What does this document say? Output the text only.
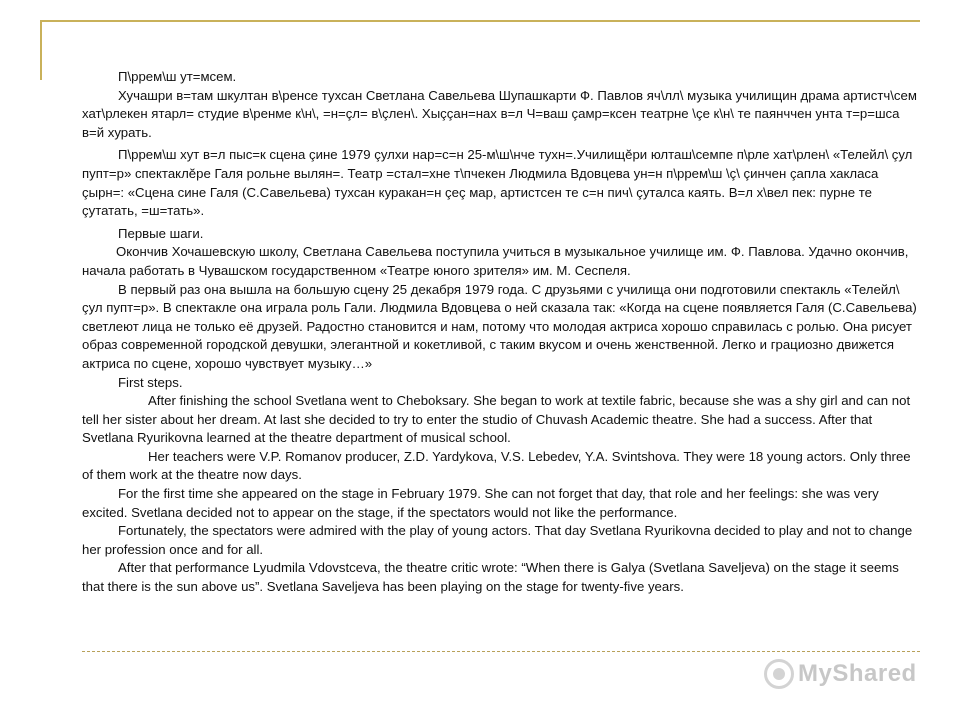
П\ррем\ш ут=мсем.

Хучашри в=там шкултан в\ренсе тухсан Светлана Савельева Шупашкарти Ф. Павлов яч\лл\ музыка училищин драма артистч\сем хат\рлекен ятарл= студие в\ренме к\н\, =н=çл= в\çлен\. Хыççан=нах в=л Ч=ваш çамр=ксен театрне \çе к\н\ те паянччен унта т=р=шса в=й хурать.

П\ррем\ш хут в=л пыс=к сцена çине 1979 çулхи нар=с=н 25-м\ш\нче тухн=.Училищĕри юлташ\семпе п\рле хат\рлен\ «Телейл\ çул пупт=р» спектаклĕре Галя рольне вылян=. Театр =стал=хне т\пчекен Людмила Вдовцева ун=н п\ррем\ш \ç\ çинчен çапла хакласа çырн=: «Сцена сине Галя (С.Савельева) тухсан куракан=н çеç мар, артистсен те с=н пич\ çуталса каять. В=л х\вел пек: пурне те çутатать, =ш=тать».

Первые шаги.

Окончив Хочашевскую школу, Светлана Савельева поступила учиться в музыкальное училище им. Ф. Павлова. Удачно окончив, начала работать в Чувашском государственном «Театре юного зрителя» им. М. Сеспеля.

В первый раз она вышла на большую сцену 25 декабря 1979 года. С друзьями с училища они подготовили спектакль «Телейл\ çул пупт=р». В спектакле она играла роль Гали. Людмила Вдовцева о ней сказала так: «Когда на сцене появляется Галя (С.Савельева) светлеют лица не только её друзей. Радостно становится и нам, потому что молодая актриса хорошо справилась с ролью. Она рисует образ современной городской девушки, элегантной и кокетливой, с таким вкусом и очень женственной. Легко и грациозно движется актриса по сцене, хорошо чувствует музыку…»

First steps.

After finishing the school Svetlana went to Cheboksary. She began to work at textile fabric, because she was a shy girl and can not tell her sister about her dream. At last she decided to try to enter the studio of Chuvash Academic theatre. She had a success. After that Svetlana Ryurikovna learned at the theatre department of musical school.

Her teachers were V.P. Romanov producer, Z.D. Yardykova, V.S. Lebedev, Y.A. Svintshova. They were 18 young actors. Only three of them work at the theatre now days.

For the first time she appeared on the stage in February 1979. She can not forget that day, that role and her feelings: she was very excited. Svetlana decided not to appear on the stage, if the spectators would not like the performance.

Fortunately, the spectators were admired with the play of young actors. That day Svetlana Ryurikovna decided to play and not to change her profession once and for all.

After that performance Lyudmila Vdovstceva, the theatre critic wrote: “When there is Galya (Svetlana Saveljeva) on the stage it seems that there is the sun above us”. Svetlana Saveljeva has been playing on the stage for twenty-five years.

MyShared
